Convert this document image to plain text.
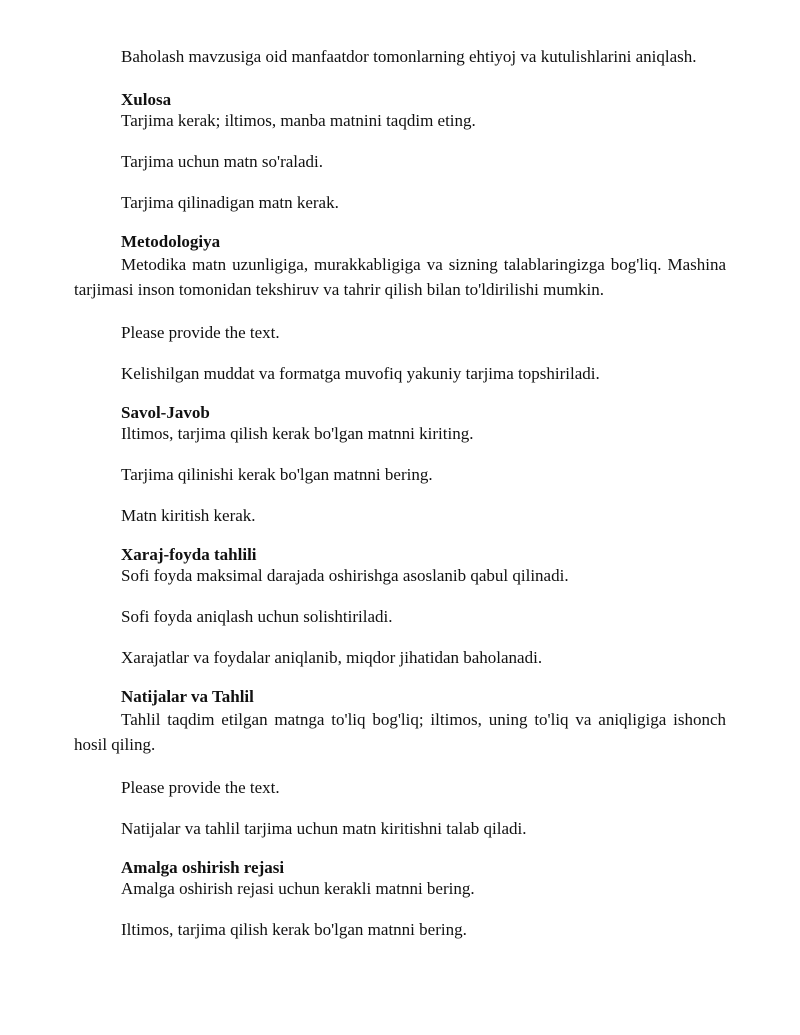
Baholash mavzusiga oid manfaatdor tomonlarning ehtiyoj va kutulishlarini aniqlash.

Xulosa

Tarjima kerak; iltimos, manba matnini taqdim eting.

Tarjima uchun matn so'raladi.

Tarjima qilinadigan matn kerak.

Metodologiya

Metodika matn uzunligiga, murakkabligiga va sizning talablaringizga bog'liq. Mashina tarjimasi inson tomonidan tekshiruv va tahrir qilish bilan to'ldirilishi mumkin.

Please provide the text.

Kelishilgan muddat va formatga muvofiq yakuniy tarjima topshiriladi.

Savol-Javob

Iltimos, tarjima qilish kerak bo'lgan matnni kiriting.

Tarjima qilinishi kerak bo'lgan matnni bering.

Matn kiritish kerak.

Xaraj-foyda tahlili

Sofi foyda maksimal darajada oshirishga asoslanib qabul qilinadi.

Sofi foyda aniqlash uchun solishtiriladi.

Xarajatlar va foydalar aniqlanib, miqdor jihatidan baholanadi.

Natijalar va Tahlil

Tahlil taqdim etilgan matnga to'liq bog'liq; iltimos, uning to'liq va aniqligiga ishonch hosil qiling.

Please provide the text.

Natijalar va tahlil tarjima uchun matn kiritishni talab qiladi.

Amalga oshirish rejasi

Amalga oshirish rejasi uchun kerakli matnni bering.

Iltimos, tarjima qilish kerak bo'lgan matnni bering.
